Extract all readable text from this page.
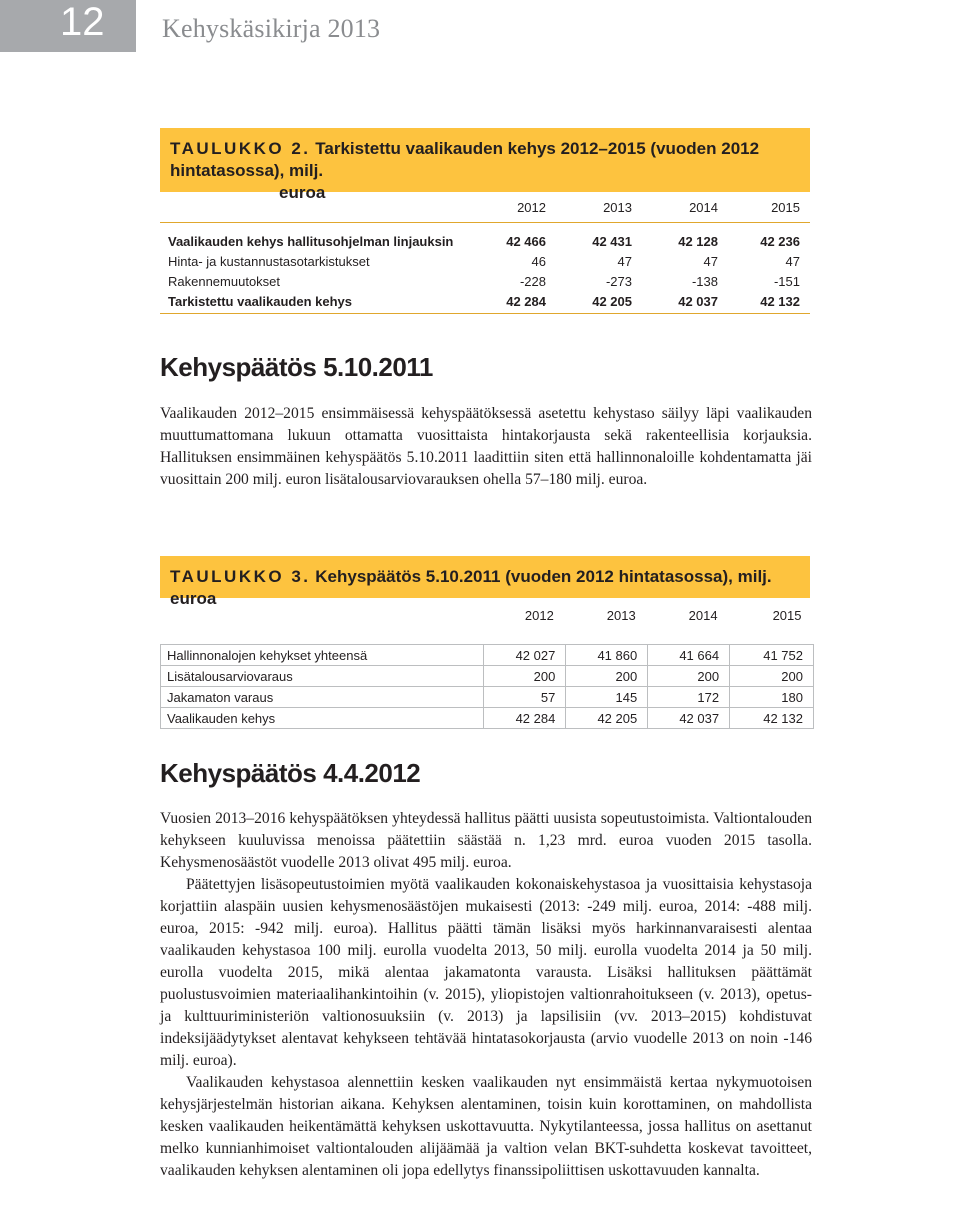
12	Kehyskäsikirja 2013
TAULUKKO 2. Tarkistettu vaalikauden kehys 2012–2015 (vuoden 2012 hintatasossa), milj.
euroa
	2012	2013	2014	2015
Vaalikauden kehys hallitusohjelman linjauksin	42 466	42 431	42 128	42 236
Hinta- ja kustannustasotarkistukset	46	47	47	47
Rakennemuutokset	-228	-273	-138	-151
Tarkistettu vaalikauden kehys	42 284	42 205	42 037	42 132
Kehyspäätös 5.10.2011

Vaalikauden 2012–2015 ensimmäisessä kehyspäätöksessä asetettu kehystaso säilyy läpi vaalikauden muuttumattomana lukuun ottamatta vuosittaista hintakorjausta sekä rakenteellisia korjauksia. Hallituksen ensimmäinen kehyspäätös 5.10.2011 laadittiin siten että hallinnonaloille kohdentamatta jäi vuosittain 200 milj. euron lisätalousarviovarauksen ohella 57–180 milj. euroa.

TAULUKKO 3. Kehyspäätös 5.10.2011 (vuoden 2012 hintatasossa), milj. euroa
	2012	2013	2014	2015

Hallinnonalojen kehykset yhteensä	42 027	41 860	41 664	41 752
Lisätalousarviovaraus	200	200	200	200
Jakamaton varaus	57	145	172	180
Vaalikauden kehys	42 284	42 205	42 037	42 132
Kehyspäätös 4.4.2012

Vuosien 2013–2016 kehyspäätöksen yhteydessä hallitus päätti uusista sopeutustoimista. Valtiontalouden kehykseen kuuluvissa menoissa päätettiin säästää n. 1,23 mrd. euroa vuoden 2015 tasolla. Kehysmenosäästöt vuodelle 2013 olivat 495 milj. euroa.

Päätettyjen lisäsopeutustoimien myötä vaalikauden kokonaiskehystasoa ja vuosittaisia kehystasoja korjattiin alaspäin uusien kehysmenosäästöjen mukaisesti (2013: -249 milj. euroa, 2014: -488 milj. euroa, 2015: -942 milj. euroa). Hallitus päätti tämän lisäksi myös harkinnanvaraisesti alentaa vaalikauden kehystasoa 100 milj. eurolla vuodelta 2013, 50 milj. eurolla vuodelta 2014 ja 50 milj. eurolla vuodelta 2015, mikä alentaa jakamatonta varausta. Lisäksi hallituksen päättämät puolustusvoimien materiaalihankintoihin (v. 2015), yliopistojen valtionrahoitukseen (v. 2013), opetus- ja kulttuuriministeriön valtionosuuksiin (v. 2013) ja lapsilisiin (vv. 2013–2015) kohdistuvat indeksijäädytykset alentavat kehykseen tehtävää hintatasokorjausta (arvio vuodelle 2013 on noin -146 milj. euroa).

Vaalikauden kehystasoa alennettiin kesken vaalikauden nyt ensimmäistä kertaa nykymuotoisen kehysjärjestelmän historian aikana. Kehyksen alentaminen, toisin kuin korottaminen, on mahdollista kesken vaalikauden heikentämättä kehyksen uskottavuutta. Nykytilanteessa, jossa hallitus on asettanut melko kunnianhimoiset valtiontalouden alijäämää ja valtion velan BKT-suhdetta koskevat tavoitteet, vaalikauden kehyksen alentaminen oli jopa edellytys finanssipoliittisen uskottavuuden kannalta.
